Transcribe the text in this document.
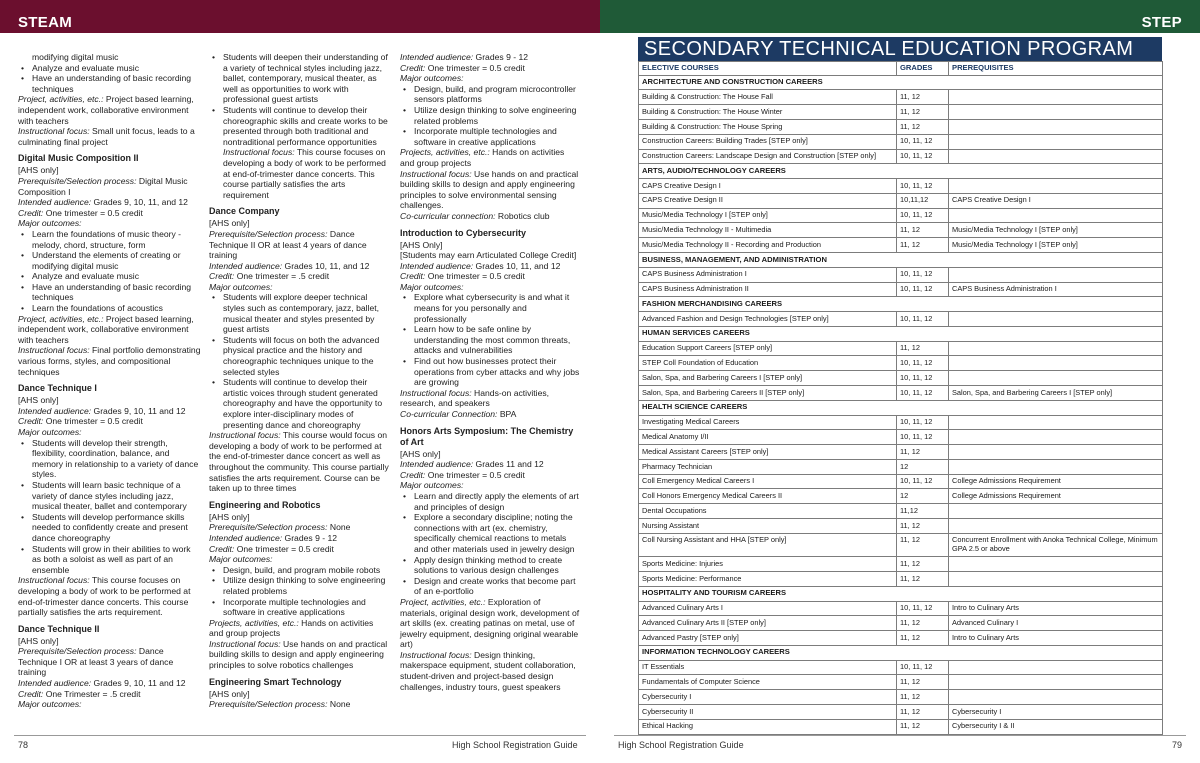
STEAM	STEP

modifying digital music

• Analyze and evaluate music
• Have an understanding of basic recording techniques

Project, activities, etc.: Project based learning, independent work, collaborative environment with teachers

Instructional focus: Small unit focus, leads to a culminating final project

Digital Music Composition II

[AHS only]

Prerequisite/Selection process: Digital Music Composition I

Intended audience: Grades 9, 10, 11, and 12

Credit: One trimester = 0.5 credit

Major outcomes:

• Learn the foundations of music theory - melody, chord, structure, form
• Understand the elements of creating or modifying digital music
• Analyze and evaluate music
• Have an understanding of basic recording techniques
• Learn the foundations of acoustics

Project, activities, etc.: Project based learning, independent work, collaborative environment with teachers

Instructional focus: Final portfolio demonstrating various forms, styles, and compositional techniques

Dance Technique I

[AHS only]

Intended audience: Grades 9, 10, 11 and 12

Credit: One trimester = 0.5 credit

Major outcomes:

• Students will develop their strength, flexibility, coordination, balance, and memory in relationship to a variety of dance styles.
• Students will learn basic technique of a variety of dance styles including jazz, musical theater, ballet and contemporary
• Students will develop performance skills needed to confidently create and present dance choreography
• Students will grow in their abilities to work as both a soloist as well as part of an ensemble

Instructional focus: This course focuses on developing a body of work to be performed at end-of-trimester dance concerts. This course partially satisfies the arts requirement.

Dance Technique II

[AHS only]

Prerequisite/Selection process: Dance Technique I OR at least 3 years of dance training

Intended audience: Grades 9, 10, 11 and 12

Credit: One Trimester = .5 credit

Major outcomes:

• Students will deepen their understanding of a variety of technical styles including jazz, ballet, contemporary, musical theater, as well as opportunities to work with professional guest artists
• Students will continue to develop their choreographic skills and create works to be presented through both traditional and nontraditional performance opportunities

Instructional focus: This course focuses on developing a body of work to be performed at end-of-trimester dance concerts. This course partially satisfies the arts requirement

Dance Company

[AHS only]

Prerequisite/Selection process: Dance Technique II OR at least 4 years of dance training

Intended audience: Grades 10, 11, and 12

Credit: One trimester = .5 credit

Major outcomes:

• Students will explore deeper technical styles such as contemporary, jazz, ballet, musical theater and styles presented by guest artists
• Students will focus on both the advanced physical practice and the history and choreographic techniques unique to the selected styles
• Students will continue to develop their artistic voices through student generated choreography and have the opportunity to explore inter-disciplinary modes of presenting dance and choreography

Instructional focus: This course would focus on developing a body of work to be performed at the end-of-trimester dance concert as well as throughout the community. This course partially satisfies the arts requirement. Course can be taken up to three times

Engineering and Robotics

[AHS only]

Prerequisite/Selection process: None

Intended audience: Grades 9 - 12

Credit: One trimester = 0.5 credit

Major outcomes:

• Design, build, and program mobile robots
• Utilize design thinking to solve engineering related problems
• Incorporate multiple technologies and software in creative applications

Projects, activities, etc.: Hands on activities and group projects

Instructional focus: Use hands on and practical building skills to design and apply engineering principles to solve robotics challenges

Engineering Smart Technology

[AHS only]

Prerequisite/Selection process: None

Intended audience: Grades 9 - 12

Credit: One trimester = 0.5 credit

Major outcomes:

• Design, build, and program microcontroller sensors platforms
• Utilize design thinking to solve engineering related problems
• Incorporate multiple technologies and software in creative applications

Projects, activities, etc.: Hands on activities and group projects

Instructional focus: Use hands on and practical building skills to design and apply engineering principles to solve environmental sensing challenges.

Co-curricular connection: Robotics club

Introduction to Cybersecurity

[AHS Only]

[Students may earn Articulated College Credit]

Intended audience: Grades 10, 11, and 12

Credit: One trimester = 0.5 credit

Major outcomes:

• Explore what cybersecurity is and what it means for you personally and professionally
• Learn how to be safe online by understanding the most common threats, attacks and vulnerabilities
• Find out how businesses protect their operations from cyber attacks and why jobs are growing

Instructional focus: Hands-on activities, research, and speakers

Co-curricular Connection: BPA

Honors Arts Symposium: The Chemistry of Art

[AHS only]

Intended audience: Grades 11 and 12

Credit: One trimester = 0.5 credit

Major outcomes:

• Learn and directly apply the elements of art and principles of design
• Explore a secondary discipline; noting the connections with art (ex. chemistry, specifically chemical reactions to metals and other materials used in jewelry design
• Apply design thinking method to create solutions to various design challenges
• Design and create works that become part of an e-portfolio

Project, activities, etc.: Exploration of materials, original design work, development of art skills (ex. creating patinas on metal, use of jewelry equipment, designing original wearable art)

Instructional focus: Design thinking, makerspace equipment, student collaboration, student-driven and project-based design challenges, industry tours, guest speakers

SECONDARY TECHNICAL EDUCATION PROGRAM
ELECTIVE COURSES	GRADES	PREREQUISITES
ARCHITECTURE AND CONSTRUCTION CAREERS		
Building & Construction: The House Fall	11, 12	
Building & Construction: The House Winter	11, 12	
Building & Construction: The House Spring	11, 12	
Construction Careers: Building Trades [STEP only]	10, 11, 12	
Construction Careers: Landscape Design and Construction [STEP only]	10, 11, 12	
ARTS, AUDIO/TECHNOLOGY CAREERS		
CAPS Creative Design I	10, 11, 12	
CAPS Creative Design II	10,11,12	CAPS Creative Design I
Music/Media Technology I [STEP only]	10, 11, 12	
Music/Media Technology II - Multimedia	11, 12	Music/Media Technology I [STEP only]
Music/Media Technology II - Recording and Production	11, 12	Music/Media Technology I [STEP only]
BUSINESS, MANAGEMENT, AND ADMINISTRATION		
CAPS Business Administration I	10, 11, 12	
CAPS Business Administration II	10, 11, 12	CAPS Business Administration I
FASHION MERCHANDISING CAREERS		
Advanced Fashion and Design Technologies [STEP only]	10, 11, 12	
HUMAN SERVICES CAREERS		
Education Support Careers [STEP only]	11, 12	
STEP Coll Foundation of Education	10, 11, 12	
Salon, Spa, and Barbering Careers I [STEP only]	10, 11, 12	
Salon, Spa, and Barbering Careers II [STEP only]	10, 11, 12	Salon, Spa, and Barbering Careers I [STEP only]
HEALTH SCIENCE CAREERS		
Investigating Medical Careers	10, 11, 12	
Medical Anatomy I/II	10, 11, 12	
Medical Assistant Careers [STEP only]	11, 12	
Pharmacy Technician	12	
Coll Emergency Medical Careers I	10, 11, 12	College Admissions Requirement
Coll Honors Emergency Medical Careers II	12	College Admissions Requirement
Dental Occupations	11,12	
Nursing Assistant	11, 12	
Coll Nursing Assistant and HHA [STEP only]	11, 12	Concurrent Enrollment with Anoka Technical College, Minimum GPA 2.5 or above
Sports Medicine: Injuries	11, 12	
Sports Medicine: Performance	11, 12	
HOSPITALITY AND TOURISM CAREERS		
Advanced Culinary Arts I	10, 11, 12	Intro to Culinary Arts
Advanced Culinary Arts II [STEP only]	11, 12	Advanced Culinary I
Advanced Pastry [STEP only]	11, 12	Intro to Culinary Arts
INFORMATION TECHNOLOGY CAREERS		
IT Essentials	10, 11, 12	
Fundamentals of Computer Science	11, 12	
Cybersecurity I	11, 12	
Cybersecurity II	11, 12	Cybersecurity I
Ethical Hacking	11, 12	Cybersecurity I & II
78	High School Registration Guide	High School Registration Guide	79
